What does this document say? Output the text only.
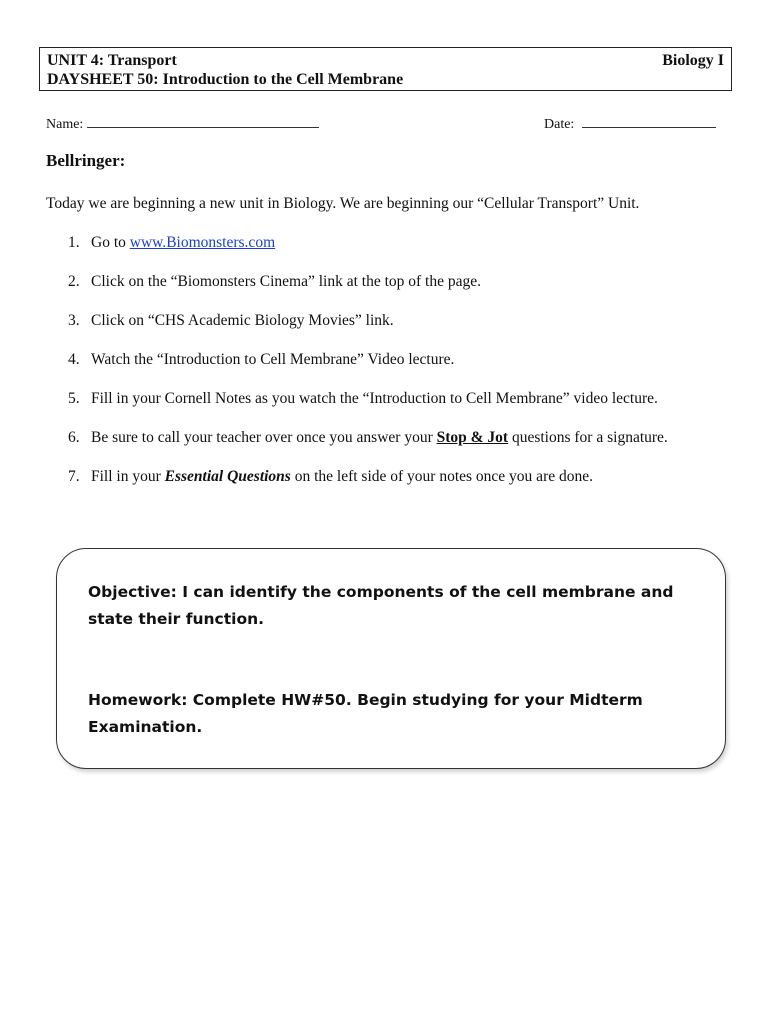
UNIT 4: Transport
DAYSHEET 50: Introduction to the Cell Membrane
Biology I
Name:	Date:
Bellringer:
Today we are beginning a new unit in Biology. We are beginning our “Cellular Transport” Unit.
1. Go to www.Biomonsters.com
2. Click on the “Biomonsters Cinema” link at the top of the page.
3. Click on “CHS Academic Biology Movies” link.
4. Watch the “Introduction to Cell Membrane” Video lecture.
5. Fill in your Cornell Notes as you watch the “Introduction to Cell Membrane” video lecture.
6. Be sure to call your teacher over once you answer your Stop & Jot questions for a signature.
7. Fill in your Essential Questions on the left side of your notes once you are done.
Objective: I can identify the components of the cell membrane and state their function.
Homework: Complete HW#50. Begin studying for your Midterm Examination.
